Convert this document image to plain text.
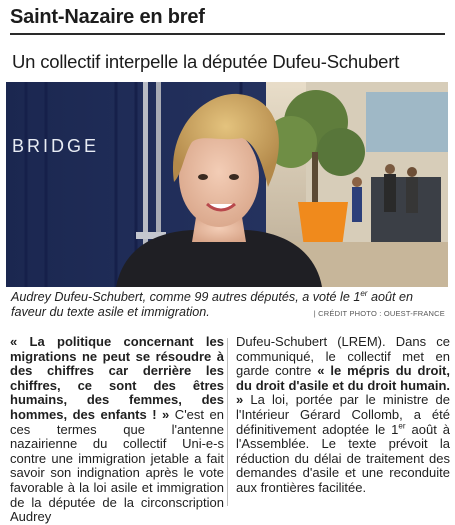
Saint-Nazaire en bref
Un collectif interpelle la députée Dufeu-Schubert
BRIDGE
Audrey Dufeu-Schubert, comme 99 autres députés, a voté le 1er août en faveur du texte asile et immigration.	| CRÉDIT PHOTO : OUEST-FRANCE

« La politique concernant les migrations ne peut se résoudre à des chiffres car derrière les chiffres, ce sont des êtres humains, des femmes, des hommes, des enfants ! » C'est en ces termes que l'antenne nazairienne du collectif Uni-e-s contre une immigration jetable a fait savoir son indignation après le vote favorable à la loi asile et immigration de la députée de la circonscription Audrey

Dufeu-Schubert (LREM). Dans ce communiqué, le collectif met en garde contre « le mépris du droit, du droit d'asile et du droit humain. » La loi, portée par le ministre de l'Intérieur Gérard Collomb, a été définitivement adoptée le 1er août à l'Assemblée. Le texte prévoit la réduction du délai de traitement des demandes d'asile et une reconduite aux frontières facilitée.
